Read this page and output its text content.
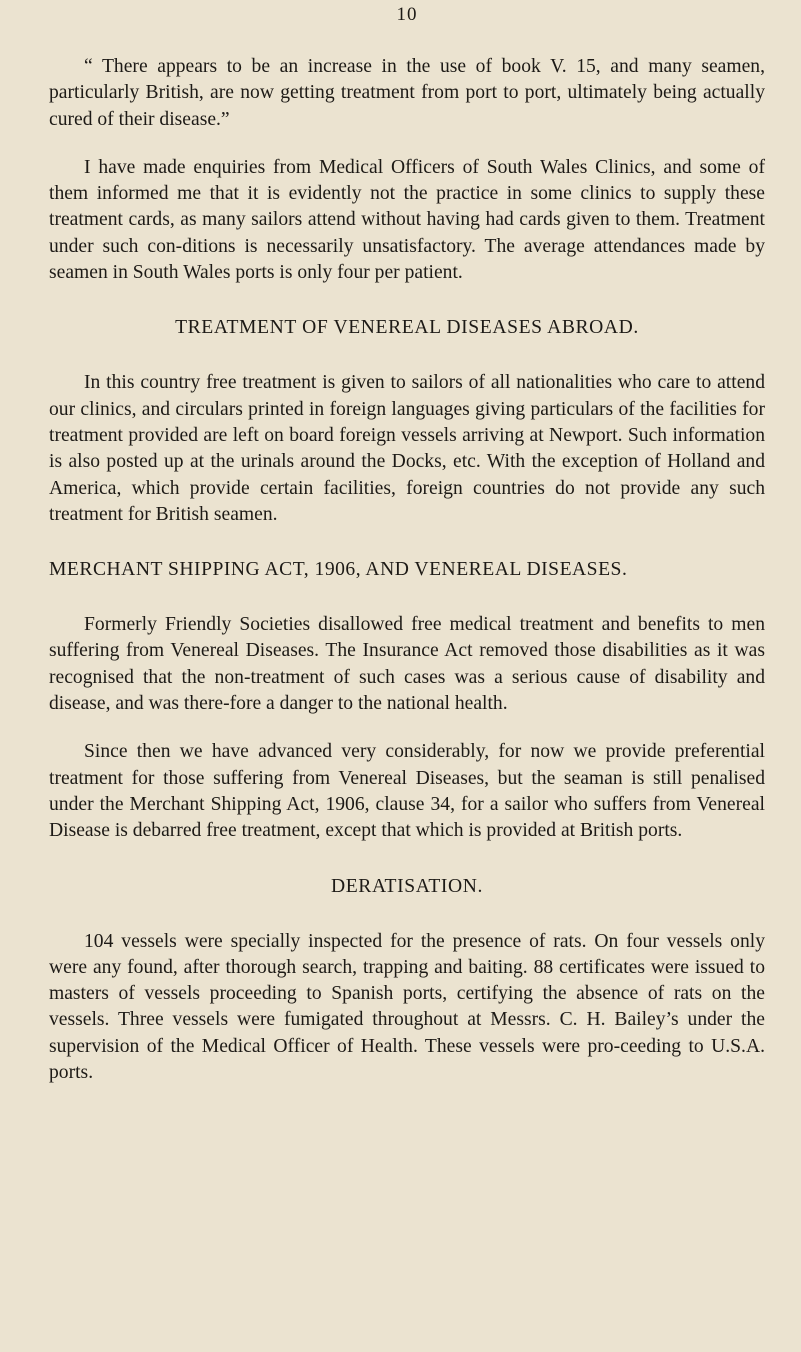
10

“ There appears to be an increase in the use of book V. 15, and many seamen, particularly British, are now getting treatment from port to port, ultimately being actually cured of their disease.”

I have made enquiries from Medical Officers of South Wales Clinics, and some of them informed me that it is evidently not the practice in some clinics to supply these treatment cards, as many sailors attend without having had cards given to them. Treatment under such con-ditions is necessarily unsatisfactory. The average attendances made by seamen in South Wales ports is only four per patient.

TREATMENT OF VENEREAL DISEASES ABROAD.

In this country free treatment is given to sailors of all nationalities who care to attend our clinics, and circulars printed in foreign languages giving particulars of the facilities for treatment provided are left on board foreign vessels arriving at Newport. Such information is also posted up at the urinals around the Docks, etc. With the exception of Holland and America, which provide certain facilities, foreign countries do not provide any such treatment for British seamen.

MERCHANT SHIPPING ACT, 1906, AND VENEREAL DISEASES.

Formerly Friendly Societies disallowed free medical treatment and benefits to men suffering from Venereal Diseases. The Insurance Act removed those disabilities as it was recognised that the non-treatment of such cases was a serious cause of disability and disease, and was there-fore a danger to the national health.

Since then we have advanced very considerably, for now we provide preferential treatment for those suffering from Venereal Diseases, but the seaman is still penalised under the Merchant Shipping Act, 1906, clause 34, for a sailor who suffers from Venereal Disease is debarred free treatment, except that which is provided at British ports.

DERATISATION.

104 vessels were specially inspected for the presence of rats. On four vessels only were any found, after thorough search, trapping and baiting. 88 certificates were issued to masters of vessels proceeding to Spanish ports, certifying the absence of rats on the vessels. Three vessels were fumigated throughout at Messrs. C. H. Bailey’s under the supervision of the Medical Officer of Health. These vessels were pro-ceeding to U.S.A. ports.
